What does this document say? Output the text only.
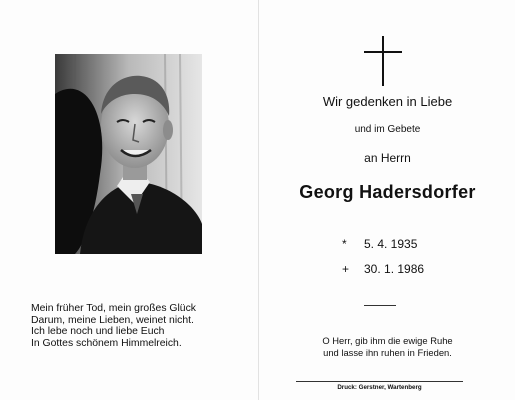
Mein früher Tod, mein großes Glück
Darum, meine Lieben, weinet nicht.
Ich lebe noch und liebe Euch
In Gottes schönem Himmelreich.
Wir gedenken in Liebe
und im Gebete
an Herrn
Georg Hadersdorfer
* 5. 4. 1935
+ 30. 1. 1986
O Herr, gib ihm die ewige Ruhe
und lasse ihn ruhen in Frieden.
Druck: Gerstner, Wartenberg
